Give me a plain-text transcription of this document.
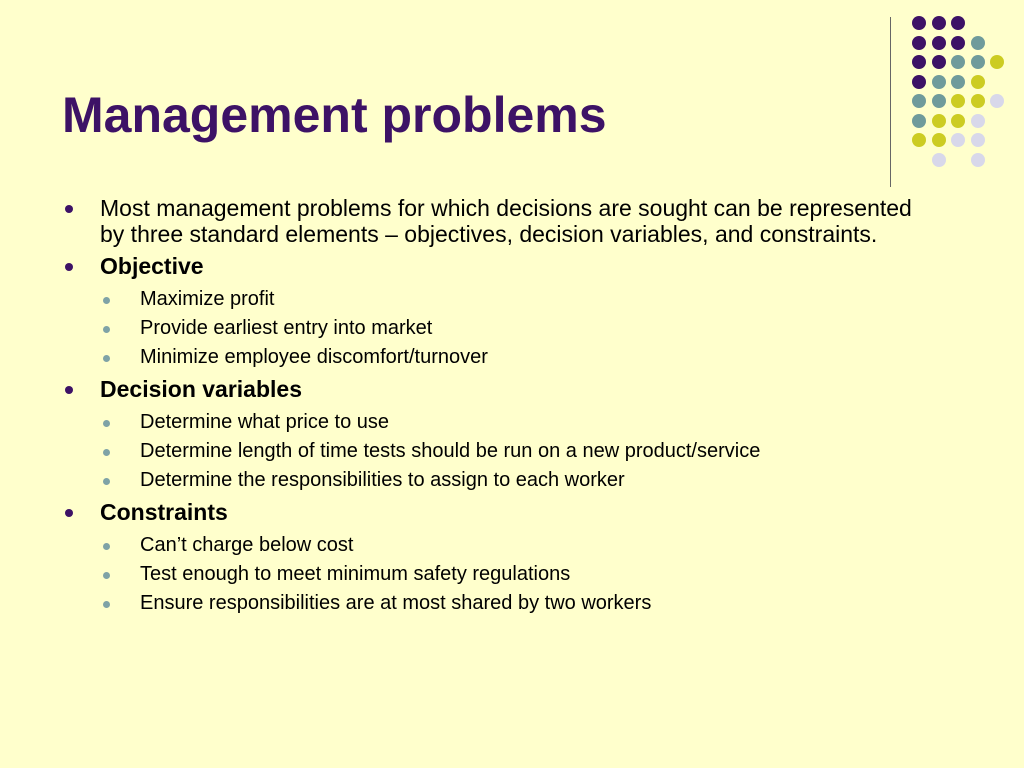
Management problems
Most management problems for which decisions are sought can be represented by three standard elements – objectives, decision variables, and constraints.
Objective
Maximize profit
Provide earliest entry into market
Minimize employee discomfort/turnover
Decision variables
Determine what price to use
Determine length of time tests should be run on a new product/service
Determine the responsibilities to assign to each worker
Constraints
Can’t charge below cost
Test enough to meet minimum safety regulations
Ensure responsibilities are at most shared by two workers
